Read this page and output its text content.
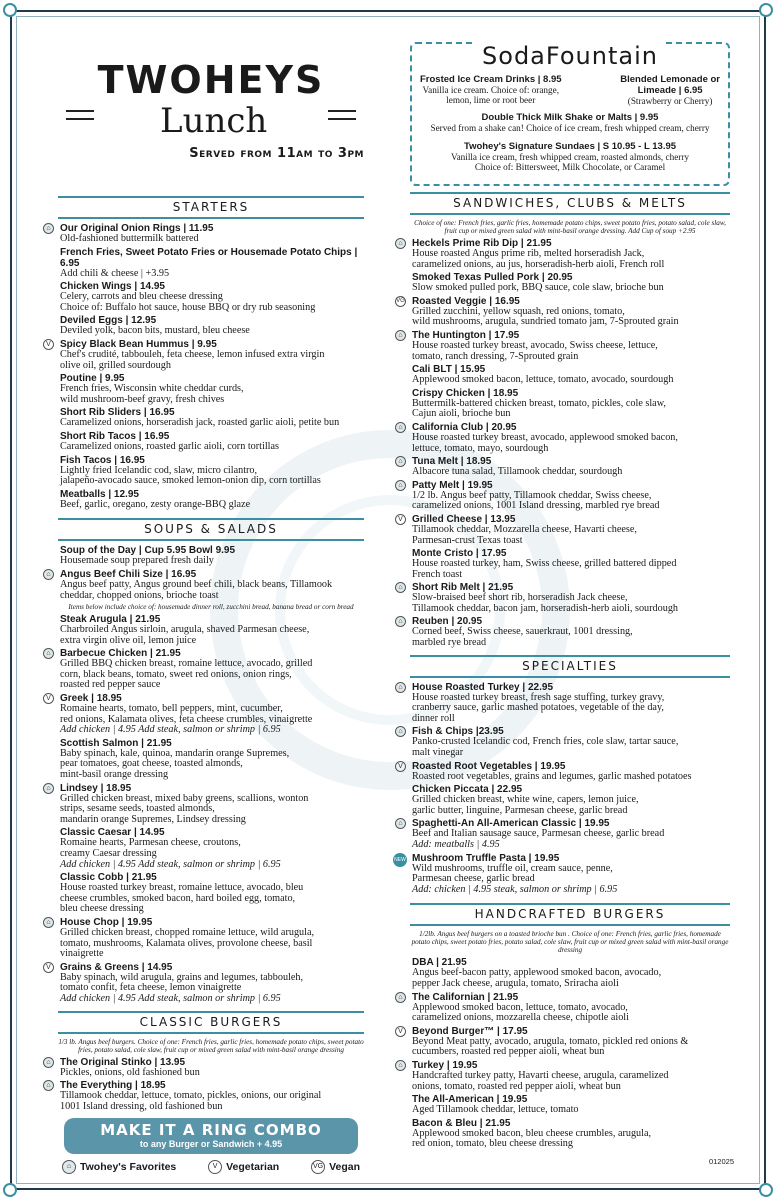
TWOHEYS
Lunch
Served from 11am to 3pm
STARTERS
⌂ Our Original Onion Rings | 11.95
Old-fashioned buttermilk battered
French Fries, Sweet Potato Fries or Housemade Potato Chips | 6.95
Add chili & cheese | +3.95
Chicken Wings | 14.95
Celery, carrots and bleu cheese dressing
Choice of: Buffalo hot sauce, house BBQ or dry rub seasoning
Deviled Eggs | 12.95
Deviled yolk, bacon bits, mustard, bleu cheese
V Spicy Black Bean Hummus | 9.95
Chef's crudité, tabbouleh, feta cheese, lemon infused extra virgin
olive oil, grilled sourdough
Poutine | 9.95
French fries, Wisconsin white cheddar curds,
wild mushroom-beef gravy, fresh chives
Short Rib Sliders | 16.95
Caramelized onions, horseradish jack, roasted garlic aioli, petite bun
Short Rib Tacos | 16.95
Caramelized onions, roasted garlic aioli, corn tortillas
Fish Tacos | 16.95
Lightly fried Icelandic cod, slaw, micro cilantro,
jalapeño-avocado sauce, smoked lemon-onion dip, corn tortillas
Meatballs | 12.95
Beef, garlic, oregano, zesty orange-BBQ glaze
SOUPS & SALADS
Soup of the Day | Cup 5.95 Bowl 9.95
Housemade soup prepared fresh daily
⌂ Angus Beef Chili Size | 16.95
Angus beef patty, Angus ground beef chili, black beans, Tillamook
cheddar, chopped onions, brioche toast
Items below include choice of: housemade dinner roll, zucchini bread, banana bread or corn bread
Steak Arugula | 21.95
Charbroiled Angus sirloin, arugula, shaved Parmesan cheese,
extra virgin olive oil, lemon juice
⌂ Barbecue Chicken | 21.95
Grilled BBQ chicken breast, romaine lettuce, avocado, grilled
corn, black beans, tomato, sweet red onions, onion rings,
roasted red pepper sauce
V Greek | 18.95
Romaine hearts, tomato, bell peppers, mint, cucumber,
red onions, Kalamata olives, feta cheese crumbles, vinaigrette
Add chicken | 4.95 Add steak, salmon or shrimp | 6.95
Scottish Salmon | 21.95
Baby spinach, kale, quinoa, mandarin orange Supremes,
pear tomatoes, goat cheese, toasted almonds,
mint-basil orange dressing
⌂ Lindsey | 18.95
Grilled chicken breast, mixed baby greens, scallions, wonton
strips, sesame seeds, toasted almonds,
mandarin orange Supremes, Lindsey dressing
Classic Caesar | 14.95
Romaine hearts, Parmesan cheese, croutons,
creamy Caesar dressing
Add chicken | 4.95 Add steak, salmon or shrimp | 6.95
Classic Cobb | 21.95
House roasted turkey breast, romaine lettuce, avocado, bleu
cheese crumbles, smoked bacon, hard boiled egg, tomato,
bleu cheese dressing
⌂ House Chop | 19.95
Grilled chicken breast, chopped romaine lettuce, wild arugula,
tomato, mushrooms, Kalamata olives, provolone cheese, basil
vinaigrette
V Grains & Greens | 14.95
Baby spinach, wild arugula, grains and legumes, tabbouleh,
tomato confit, feta cheese, lemon vinaigrette
Add chicken | 4.95 Add steak, salmon or shrimp | 6.95
CLASSIC BURGERS
1/3 lb. Angus beef burgers. Choice of one: French fries, garlic fries, homemade potato chips, sweet potato fries, potato salad, cole slaw, fruit cup or mixed green salad with mint-basil orange dressing
⌂ The Original Stinko | 13.95
Pickles, onions, old fashioned bun
⌂ The Everything | 18.95
Tillamook cheddar, lettuce, tomato, pickles, onions, our original
1001 Island dressing, old fashioned bun
MAKE IT A RING COMBO
to any Burger or Sandwich + 4.95
⌂ Twohey's Favorites	V Vegetarian	VG Vegan
SodaFountain
Frosted Ice Cream Drinks | 8.95
Vanilla ice cream. Choice of: orange,
lemon, lime or root beer
Blended Lemonade or
Limeade | 6.95
(Strawberry or Cherry)
Double Thick Milk Shake or Malts | 9.95
Served from a shake can! Choice of ice cream, fresh whipped cream, cherry
Twohey's Signature Sundaes | S 10.95 - L 13.95
Vanilla ice cream, fresh whipped cream, roasted almonds, cherry
Choice of: Bittersweet, Milk Chocolate, or Caramel
SANDWICHES, CLUBS & MELTS
Choice of one: French fries, garlic fries, homemade potato chips, sweet potato fries, potato salad, cole slaw, fruit cup or mixed green salad with mint-basil orange dressing. Add Cup of soup +2.95
⌂ Heckels Prime Rib Dip | 21.95
House roasted Angus prime rib, melted horseradish Jack,
caramelized onions, au jus, horseradish-herb aioli, French roll
Smoked Texas Pulled Pork | 20.95
Slow smoked pulled pork, BBQ sauce, cole slaw, brioche bun
VG Roasted Veggie | 16.95
Grilled zucchini, yellow squash, red onions, tomato,
wild mushrooms, arugula, sundried tomato jam, 7-Sprouted grain
⌂ The Huntington | 17.95
House roasted turkey breast, avocado, Swiss cheese, lettuce,
tomato, ranch dressing, 7-Sprouted grain
Cali BLT | 15.95
Applewood smoked bacon, lettuce, tomato, avocado, sourdough
Crispy Chicken | 18.95
Buttermilk-battered chicken breast, tomato, pickles, cole slaw,
Cajun aioli, brioche bun
⌂ California Club | 20.95
House roasted turkey breast, avocado, applewood smoked bacon,
lettuce, tomato, mayo, sourdough
⌂ Tuna Melt | 18.95
Albacore tuna salad, Tillamook cheddar, sourdough
⌂ Patty Melt | 19.95
1/2 lb. Angus beef patty, Tillamook cheddar, Swiss cheese,
caramelized onions, 1001 Island dressing, marbled rye bread
V Grilled Cheese | 13.95
Tillamook cheddar, Mozzarella cheese, Havarti cheese,
Parmesan-crust Texas toast
Monte Cristo | 17.95
House roasted turkey, ham, Swiss cheese, grilled battered dipped
French toast
⌂ Short Rib Melt | 21.95
Slow-braised beef short rib, horseradish Jack cheese,
Tillamook cheddar, bacon jam, horseradish-herb aioli, sourdough
⌂ Reuben | 20.95
Corned beef, Swiss cheese, sauerkraut, 1001 dressing,
marbled rye bread
SPECIALTIES
⌂ House Roasted Turkey | 22.95
House roasted turkey breast, fresh sage stuffing, turkey gravy,
cranberry sauce, garlic mashed potatoes, vegetable of the day,
dinner roll
⌂ Fish & Chips |23.95
Panko-crusted Icelandic cod, French fries, cole slaw, tartar sauce,
malt vinegar
V Roasted Root Vegetables | 19.95
Roasted root vegetables, grains and legumes, garlic mashed potatoes
Chicken Piccata | 22.95
Grilled chicken breast, white wine, capers, lemon juice,
garlic butter, linguine, Parmesan cheese, garlic bread
⌂ Spaghetti-An All-American Classic | 19.95
Beef and Italian sausage sauce, Parmesan cheese, garlic bread
Add: meatballs | 4.95
NEW Mushroom Truffle Pasta | 19.95
Wild mushrooms, truffle oil, cream sauce, penne,
Parmesan cheese, garlic bread
Add: chicken | 4.95 steak, salmon or shrimp | 6.95
HANDCRAFTED BURGERS
1/2lb. Angus beef burgers on a toasted brioche bun . Choice of one: French fries, garlic fries, homemade potato chips, sweet potato fries, potato salad, cole slaw, fruit cup or mixed green salad with mint-basil orange dressing
DBA | 21.95
Angus beef-bacon patty, applewood smoked bacon, avocado,
pepper Jack cheese, arugula, tomato, Sriracha aioli
⌂ The Californian | 21.95
Applewood smoked bacon, lettuce, tomato, avocado,
caramelized onions, mozzarella cheese, chipotle aioli
V Beyond Burger™ | 17.95
Beyond Meat patty, avocado, arugula, tomato, pickled red onions &
cucumbers, roasted red pepper aioli, wheat bun
⌂ Turkey | 19.95
Handcrafted turkey patty, Havarti cheese, arugula, caramelized
onions, tomato, roasted red pepper aioli, wheat bun
The All-American | 19.95
Aged Tillamook cheddar, lettuce, tomato
Bacon & Bleu | 21.95
Applewood smoked bacon, bleu cheese crumbles, arugula,
red onion, tomato, bleu cheese dressing
012025
